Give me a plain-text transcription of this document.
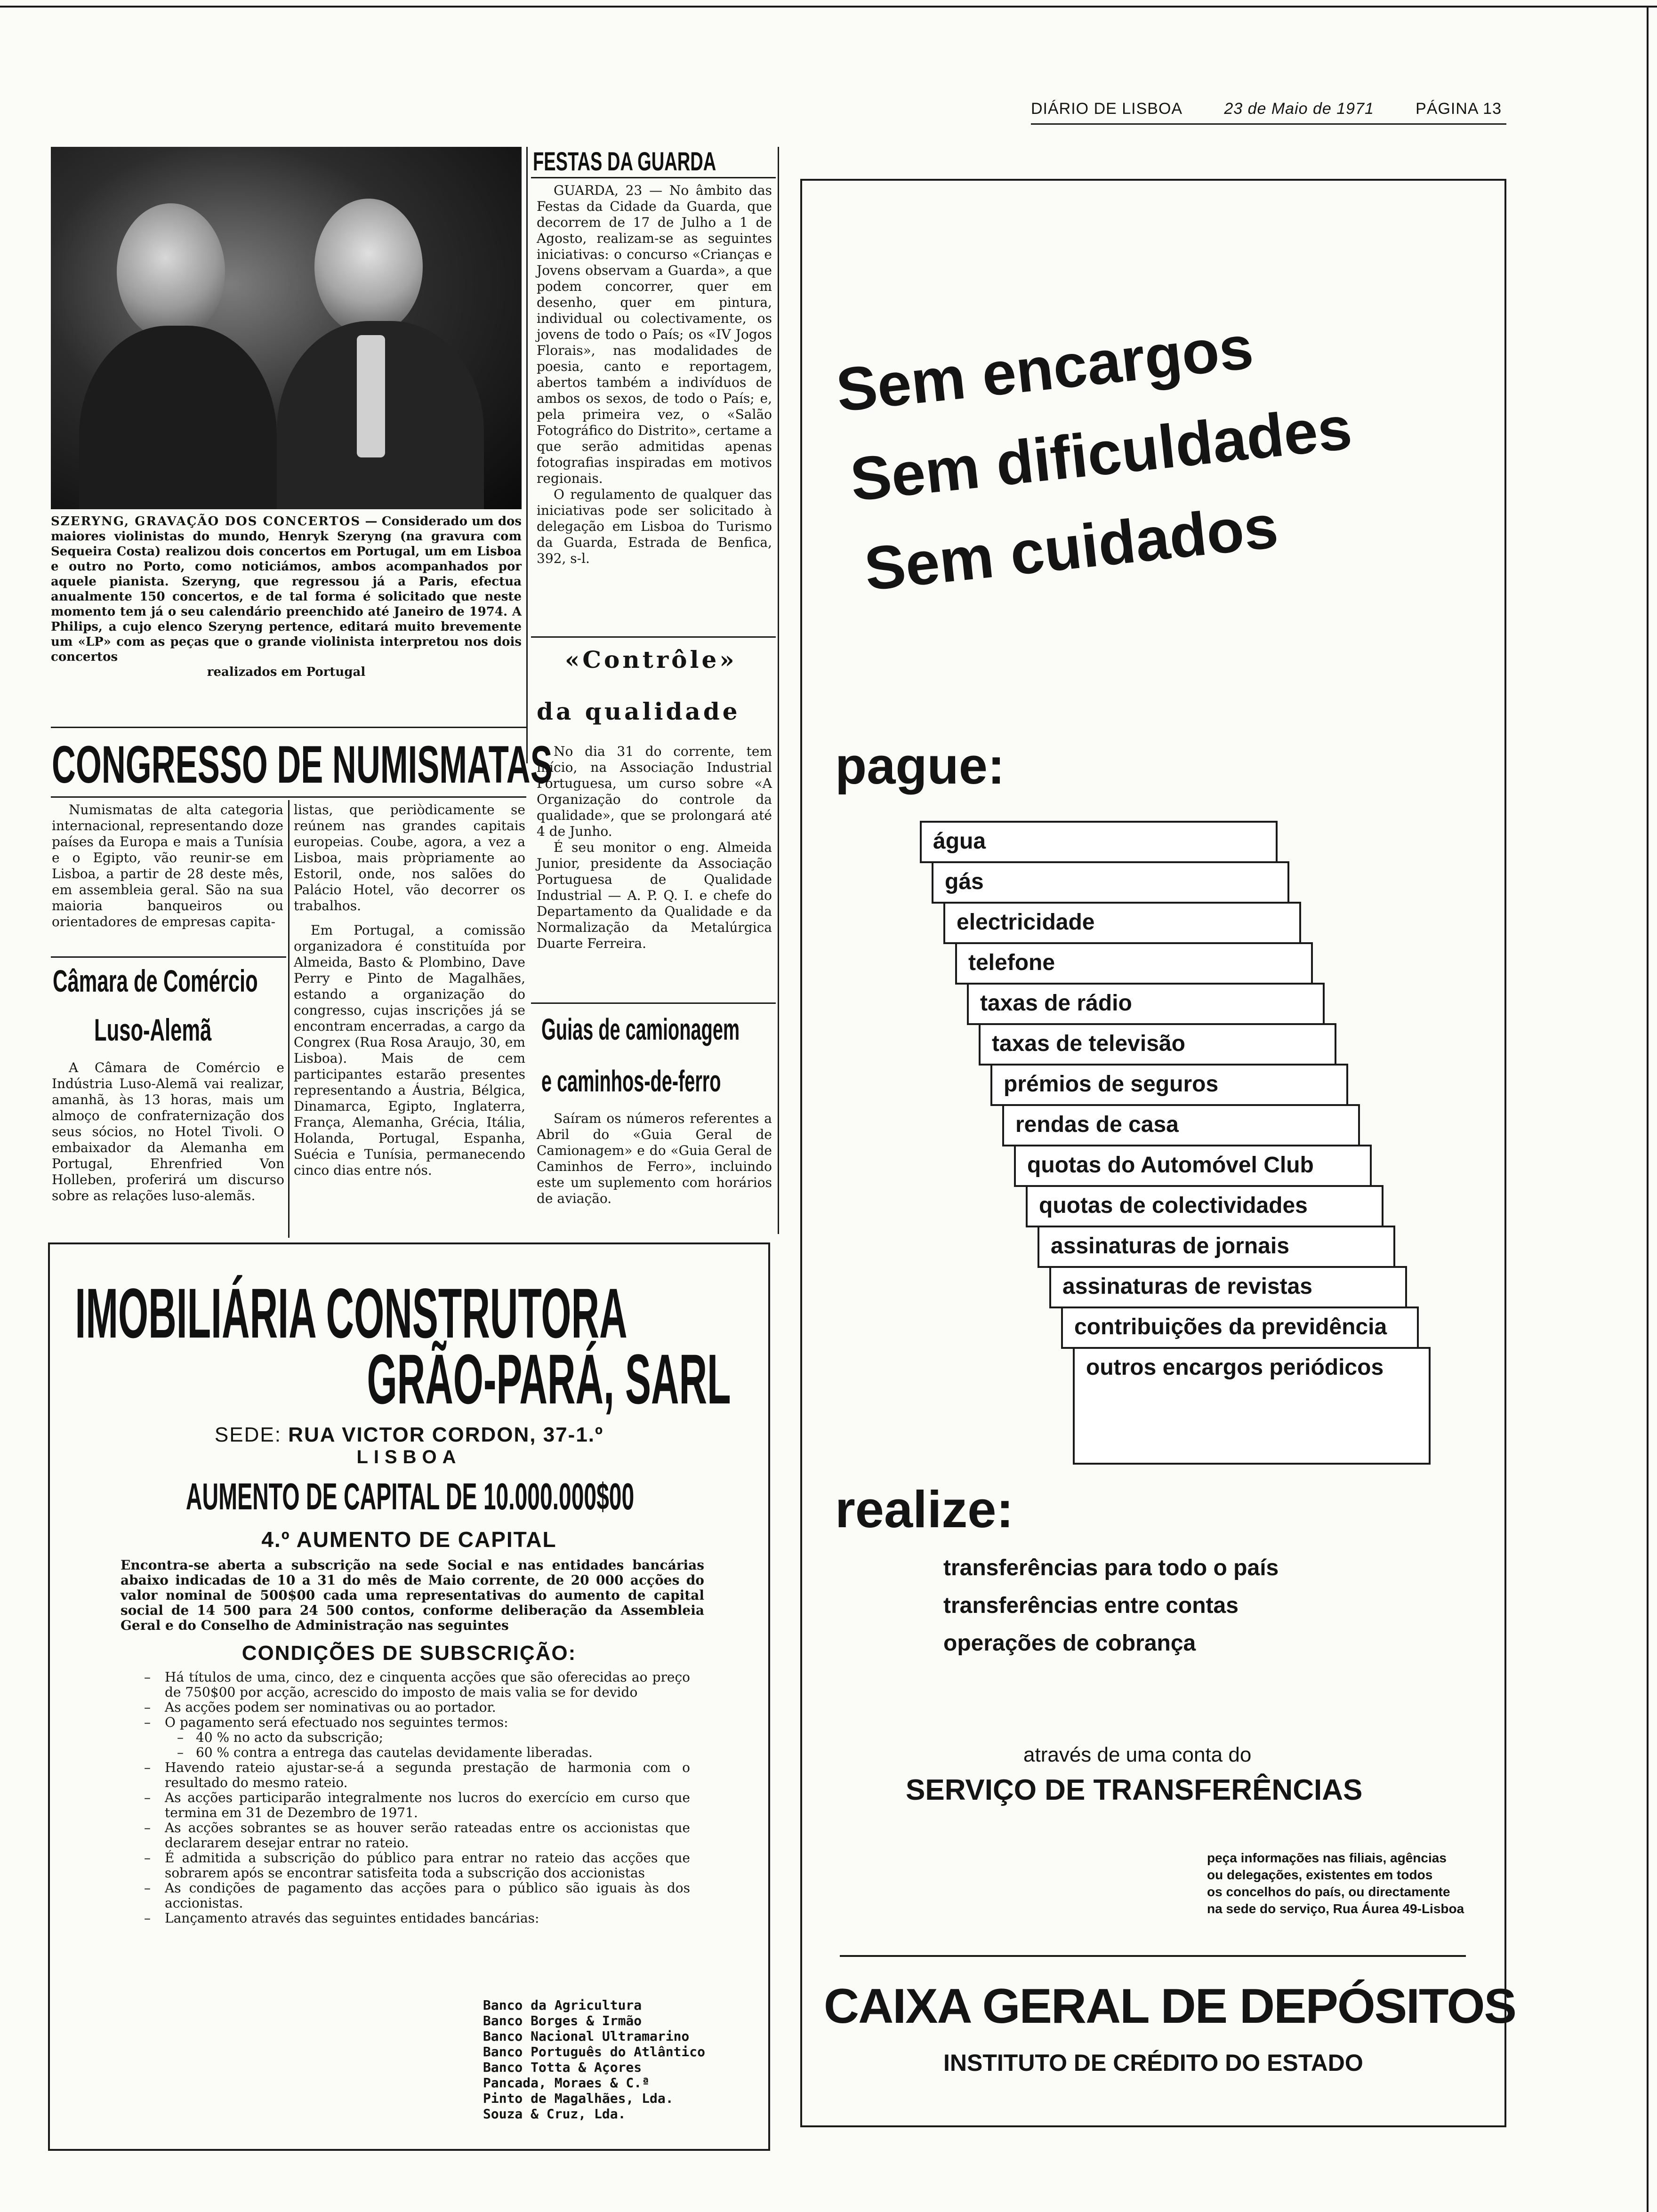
DIÁRIO DE LISBOA	23 de Maio de 1971	PÁGINA 13
SZERYNG, GRAVAÇÃO DOS CONCERTOS — Considerado um dos maiores violinistas do mundo, Henryk Szeryng (na gravura com Sequeira Costa) realizou dois concertos em Portugal, um em Lisboa e outro no Porto, como noticiámos, ambos acompanhados por aquele pianista. Szeryng, que regressou já a Paris, efectua anualmente 150 concertos, e de tal forma é solicitado que neste momento tem já o seu calendário preenchido até Janeiro de 1974. A Philips, a cujo elenco Szeryng pertence, editará muito brevemente um «LP» com as peças que o grande violinista interpretou nos dois concertos
realizados em Portugal
FESTAS DA GUARDA

GUARDA, 23 — No âmbito das Festas da Cidade da Guarda, que decorrem de 17 de Julho a 1 de Agosto, realizam-se as seguintes iniciativas: o concurso «Crianças e Jovens observam a Guarda», a que podem concorrer, quer em desenho, quer em pintura, individual ou colectivamente, os jovens de todo o País; os «IV Jogos Florais», nas modalidades de poesia, canto e reportagem, abertos também a indivíduos de ambos os sexos, de todo o País; e, pela primeira vez, o «Salão Fotográfico do Distrito», certame a que serão admitidas apenas fotografias inspiradas em motivos regionais.

O regulamento de qualquer das iniciativas pode ser solicitado à delegação em Lisboa do Turismo da Guarda, Estrada de Benfica, 392, s-l.

«Contrôle»
da qualidade

No dia 31 do corrente, tem início, na Associação Industrial Portuguesa, um curso sobre «A Organização do controle da qualidade», que se prolongará até 4 de Junho.

É seu monitor o eng. Almeida Junior, presidente da Associação Portuguesa de Qualidade Industrial — A. P. Q. I. e chefe do Departamento da Qualidade e da Normalização da Metalúrgica Duarte Ferreira.

Guias de camionagem
e caminhos-de-ferro

Saíram os números referentes a Abril do «Guia Geral de Camionagem» e do «Guia Geral de Caminhos de Ferro», incluindo este um suplemento com horários de aviação.

CONGRESSO DE NUMISMATAS

Numismatas de alta categoria internacional, representando doze países da Europa e mais a Tunísia e o Egipto, vão reunir-se em Lisboa, a partir de 28 deste mês, em assembleia geral. São na sua maioria banqueiros ou orientadores de empresas capita-

listas, que periòdicamente se reúnem nas grandes capitais europeias. Coube, agora, a vez a Lisboa, mais pròpriamente ao Estoril, onde, nos salões do Palácio Hotel, vão decorrer os trabalhos.

Em Portugal, a comissão organizadora é constituída por Almeida, Basto & Plombino, Dave Perry e Pinto de Magalhães, estando a organização do congresso, cujas inscrições já se encontram encerradas, a cargo da Congrex (Rua Rosa Araujo, 30, em Lisboa). Mais de cem participantes estarão presentes representando a Áustria, Bélgica, Dinamarca, Egipto, Inglaterra, França, Alemanha, Grécia, Itália, Holanda, Portugal, Espanha, Suécia e Tunísia, permanecendo cinco dias entre nós.

Câmara de Comércio
Luso-Alemã

A Câmara de Comércio e Indústria Luso-Alemã vai realizar, amanhã, às 13 horas, mais um almoço de confraternização dos seus sócios, no Hotel Tivoli. O embaixador da Alemanha em Portugal, Ehrenfried Von Holleben, proferirá um discurso sobre as relações luso-alemãs.

IMOBILIÁRIA CONSTRUTORA
GRÃO-PARÁ, SARL
SEDE: RUA VICTOR CORDON, 37-1.º
LISBOA
AUMENTO DE CAPITAL DE 10.000.000$00
4.º AUMENTO DE CAPITAL
Encontra-se aberta a subscrição na sede Social e nas entidades bancárias abaixo indicadas de 10 a 31 do mês de Maio corrente, de 20 000 acções do valor nominal de 500$00 cada uma representativas do aumento de capital social de 14 500 para 24 500 contos, conforme deliberação da Assembleia Geral e do Conselho de Administração nas seguintes
CONDIÇÕES DE SUBSCRIÇÃO:
– Há títulos de uma, cinco, dez e cinquenta acções que são oferecidas ao preço de 750$00 por acção, acrescido do imposto de mais valia se for devido
– As acções podem ser nominativas ou ao portador.
– O pagamento será efectuado nos seguintes termos:
– 40 % no acto da subscrição;
– 60 % contra a entrega das cautelas devidamente liberadas.
– Havendo rateio ajustar-se-á a segunda prestação de harmonia com o resultado do mesmo rateio.
– As acções participarão integralmente nos lucros do exercício em curso que termina em 31 de Dezembro de 1971.
– As acções sobrantes se as houver serão rateadas entre os accionistas que declararem desejar entrar no rateio.
– É admitida a subscrição do público para entrar no rateio das acções que sobrarem após se encontrar satisfeita toda a subscrição dos accionistas
– As condições de pagamento das acções para o público são iguais às dos accionistas.
– Lançamento através das seguintes entidades bancárias:
Banco da Agricultura
Banco Borges & Irmão
Banco Nacional Ultramarino
Banco Português do Atlântico
Banco Totta & Açores
Pancada, Moraes & C.ª
Pinto de Magalhães, Lda.
Souza & Cruz, Lda.
Sem encargos
Sem dificuldades
Sem cuidados
pague:
água
gás
electricidade
telefone
taxas de rádio
taxas de televisão
prémios de seguros
rendas de casa
quotas do Automóvel Club
quotas de colectividades
assinaturas de jornais
assinaturas de revistas
contribuições da previdência
outros encargos periódicos
realize:
transferências para todo o país
transferências entre contas
operações de cobrança
através de uma conta do
SERVIÇO DE TRANSFERÊNCIAS
peça informações nas filiais, agências
ou delegações, existentes em todos
os concelhos do país, ou directamente
na sede do serviço, Rua Áurea 49-Lisboa
CAIXA GERAL DE DEPÓSITOS
INSTITUTO DE CRÉDITO DO ESTADO
